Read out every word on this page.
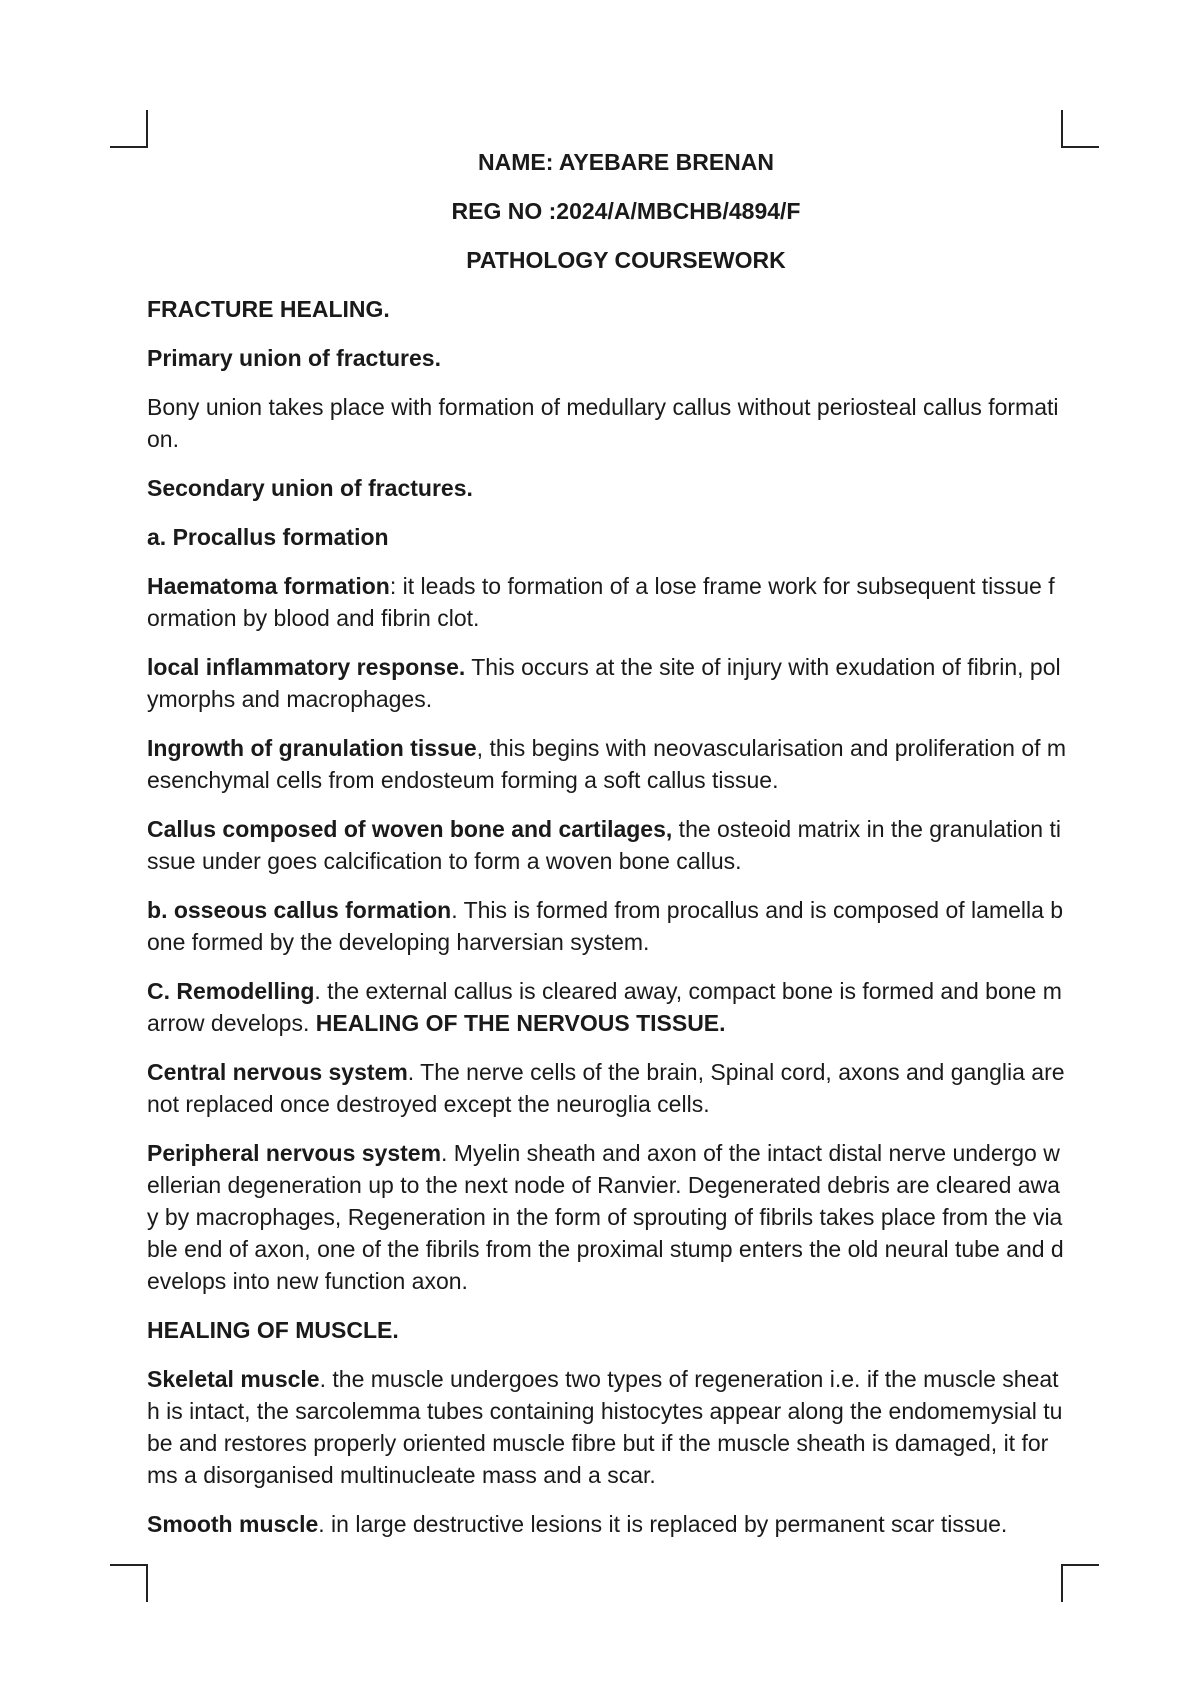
NAME: AYEBARE BRENAN
REG NO :2024/A/MBCHB/4894/F
PATHOLOGY COURSEWORK
FRACTURE HEALING.
Primary union of fractures.
Bony union takes place with formation of medullary callus without periosteal callus formation.
Secondary union of fractures.
a. Procallus formation
Haematoma formation: it leads to formation of a lose frame work for subsequent tissue formation by blood and fibrin clot.
local inflammatory response. This occurs at the site of injury with exudation of fibrin, polymorphs and macrophages.
Ingrowth of granulation tissue, this begins with neovascularisation and proliferation of mesenchymal cells from endosteum forming a soft callus tissue.
Callus composed of woven bone and cartilages, the osteoid matrix in the granulation tissue under goes calcification to form a woven bone callus.
b. osseous callus formation. This is formed from procallus and is composed of lamella bone formed by the developing harversian system.
C. Remodelling. the external callus is cleared away, compact bone is formed and bone marrow develops. HEALING OF THE NERVOUS TISSUE.
Central nervous system. The nerve cells of the brain, Spinal cord, axons and ganglia are not replaced once destroyed except the neuroglia cells.
Peripheral nervous system. Myelin sheath and axon of the intact distal nerve undergo wellerian degeneration up to the next node of Ranvier. Degenerated debris are cleared away by macrophages, Regeneration in the form of sprouting of fibrils takes place from the viable end of axon, one of the fibrils from the proximal stump enters the old neural tube and develops into new function axon.
HEALING OF MUSCLE.
Skeletal muscle. the muscle undergoes two types of regeneration i.e. if the muscle sheath is intact, the sarcolemma tubes containing histocytes appear along the endomemysial tube and restores properly oriented muscle fibre but if the muscle sheath is damaged, it forms a disorganised multinucleate mass and a scar.
Smooth muscle. in large destructive lesions it is replaced by permanent scar tissue.
